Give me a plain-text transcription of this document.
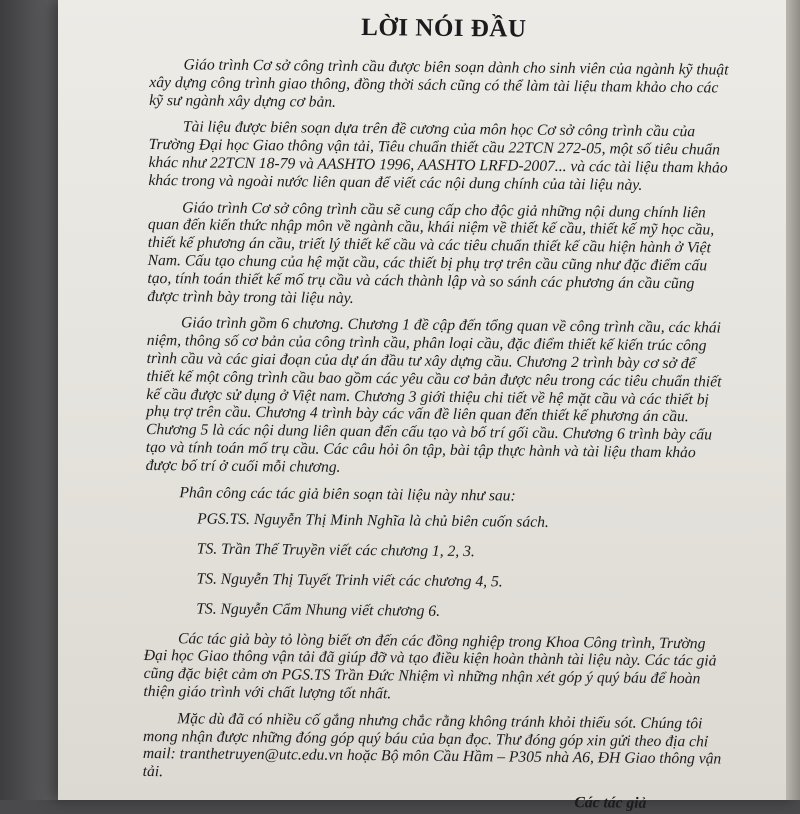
LỜI NÓI ĐẦU

Giáo trình Cơ sở công trình cầu được biên soạn dành cho sinh viên của ngành kỹ thuật xây dựng công trình giao thông, đồng thời sách cũng có thể làm tài liệu tham khảo cho các kỹ sư ngành xây dựng cơ bản.

Tài liệu được biên soạn dựa trên đề cương của môn học Cơ sở công trình cầu của Trường Đại học Giao thông vận tải, Tiêu chuẩn thiết cầu 22TCN 272-05, một số tiêu chuẩn khác như 22TCN 18-79 và AASHTO 1996, AASHTO LRFD-2007... và các tài liệu tham khảo khác trong và ngoài nước liên quan để viết các nội dung chính của tài liệu này.

Giáo trình Cơ sở công trình cầu sẽ cung cấp cho độc giả những nội dung chính liên quan đến kiến thức nhập môn về ngành cầu, khái niệm về thiết kế cầu, thiết kế mỹ học cầu, thiết kế phương án cầu, triết lý thiết kế cầu và các tiêu chuẩn thiết kế cầu hiện hành ở Việt Nam. Cấu tạo chung của hệ mặt cầu, các thiết bị phụ trợ trên cầu cũng như đặc điểm cấu tạo, tính toán thiết kế mố trụ cầu và cách thành lập và so sánh các phương án cầu cũng được trình bày trong tài liệu này.

Giáo trình gồm 6 chương. Chương 1 đề cập đến tổng quan về công trình cầu, các khái niệm, thông số cơ bản của công trình cầu, phân loại cầu, đặc điểm thiết kế kiến trúc công trình cầu và các giai đoạn của dự án đầu tư xây dựng cầu. Chương 2 trình bày cơ sở để thiết kế một công trình cầu bao gồm các yêu cầu cơ bản được nêu trong các tiêu chuẩn thiết kế cầu được sử dụng ở Việt nam. Chương 3 giới thiệu chi tiết về hệ mặt cầu và các thiết bị phụ trợ trên cầu. Chương 4 trình bày các vấn đề liên quan đến thiết kế phương án cầu. Chương 5 là các nội dung liên quan đến cấu tạo và bố trí gối cầu. Chương 6 trình bày cấu tạo và tính toán mố trụ cầu. Các câu hỏi ôn tập, bài tập thực hành và tài liệu tham khảo được bố trí ở cuối mỗi chương.

Phân công các tác giả biên soạn tài liệu này như sau:

PGS.TS. Nguyễn Thị Minh Nghĩa là chủ biên cuốn sách.

TS. Trần Thế Truyền viết các chương 1, 2, 3.

TS. Nguyễn Thị Tuyết Trinh viết các chương 4, 5.

TS. Nguyễn Cẩm Nhung viết chương 6.

Các tác giả bày tỏ lòng biết ơn đến các đồng nghiệp trong Khoa Công trình, Trường Đại học Giao thông vận tải đã giúp đỡ và tạo điều kiện hoàn thành tài liệu này. Các tác giả cũng đặc biệt cảm ơn PGS.TS Trần Đức Nhiệm vì những nhận xét góp ý quý báu để hoàn thiện giáo trình với chất lượng tốt nhất.

Mặc dù đã có nhiều cố gắng nhưng chắc rằng không tránh khỏi thiếu sót. Chúng tôi mong nhận được những đóng góp quý báu của bạn đọc. Thư đóng góp xin gửi theo địa chỉ mail: tranthetruyen@utc.edu.vn hoặc Bộ môn Cầu Hầm – P305 nhà A6, ĐH Giao thông vận tải.

Các tác giả
